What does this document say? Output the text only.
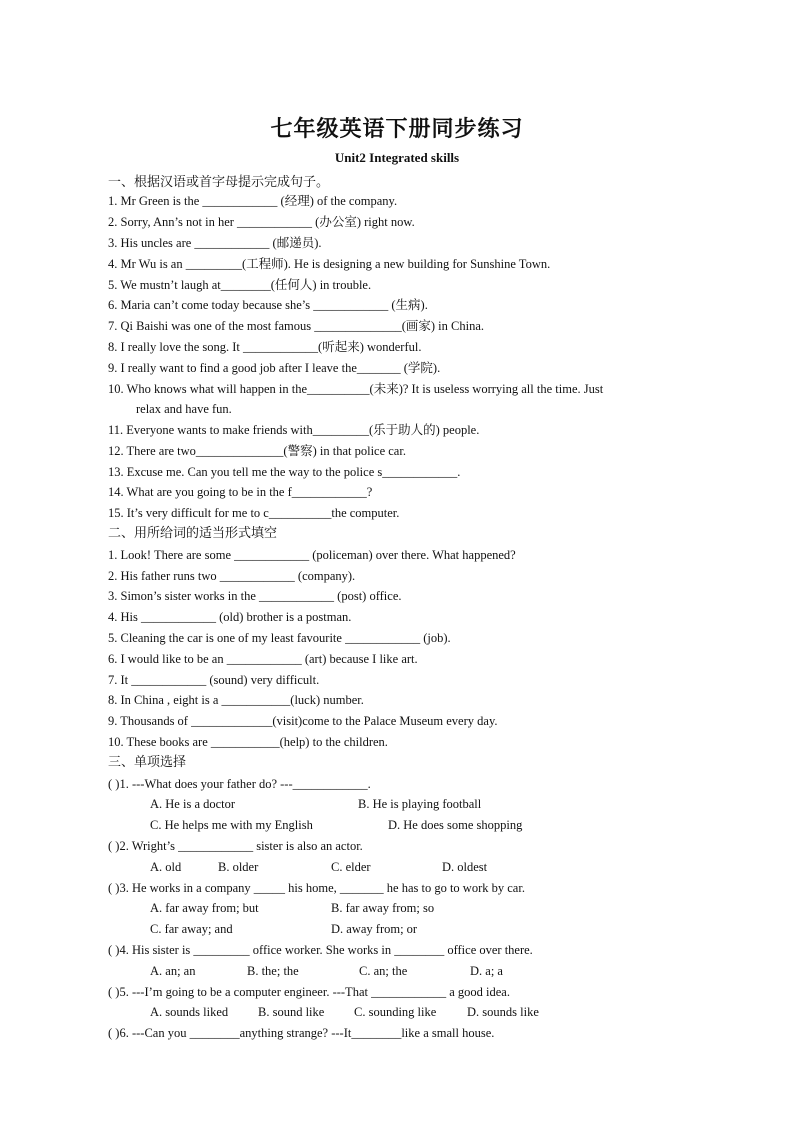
七年级英语下册同步练习
Unit2 Integrated skills
一、根据汉语或首字母提示完成句子。
1. Mr Green is the ____________ (经理) of the company.
2. Sorry, Ann’s not in her ____________ (办公室) right now.
3. His uncles are ____________ (邮递员).
4. Mr Wu is an _________(工程师). He is designing a new building for Sunshine Town.
5. We mustn’t laugh at________(任何人) in trouble.
6. Maria can’t come today because she’s ____________ (生病).
7. Qi Baishi was one of the most famous ______________(画家) in China.
8. I really love the song. It ____________(听起来) wonderful.
9. I really want to find a good job after I leave the_______ (学院).
10. Who knows what will happen in the__________(未来)? It is useless worrying all the time. Just
relax and have fun.
11. Everyone wants to make friends with_________(乐于助人的) people.
12. There are two______________(警察) in that police car.
13. Excuse me. Can you tell me the way to the police s____________.
14. What are you going to be in the f____________?
15. It’s very difficult for me to c__________the computer.
二、用所给词的适当形式填空
1. Look! There are some ____________ (policeman) over there. What happened?
2. His father runs two ____________ (company).
3. Simon’s sister works in the ____________ (post) office.
4. His ____________ (old) brother is a postman.
5. Cleaning the car is one of my least favourite ____________ (job).
6. I would like to be an ____________ (art) because I like art.
7. It ____________ (sound) very difficult.
8. In China , eight is a ___________(luck) number.
9. Thousands of _____________(visit)come to the Palace Museum every day.
10. These books are ___________(help) to the children.
三、单项选择
( )1. ---What does your father do? ---____________.
A. He is a doctor	B. He is playing football
C. He helps me with my English	D. He does some shopping
( )2. Wright’s ____________ sister is also an actor.
A. old	B. older	C. elder	D. oldest
( )3. He works in a company _____ his home, _______ he has to go to work by car.
A. far away from; but	B. far away from; so
C. far away; and	D. away from; or
( )4. His sister is _________ office worker. She works in ________ office over there.
A. an; an	B. the; the	C. an; the	D. a; a
( )5. ---I’m going to be a computer engineer. ---That ____________ a good idea.
A. sounds liked B. sound like C. sounding like D. sounds like
( )6. ---Can you ________anything strange? ---It________like a small house.
